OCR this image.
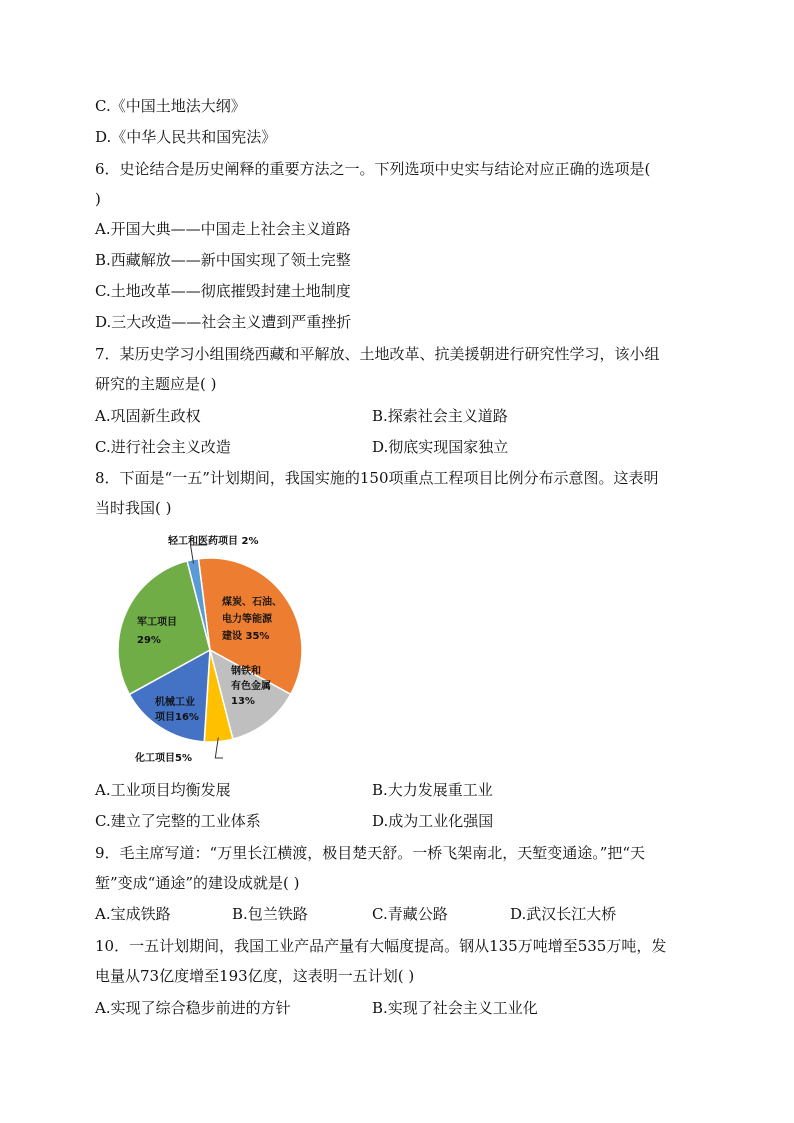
C.《中国土地法大纲》
D.《中华人民共和国宪法》
6．史论结合是历史阐释的重要方法之一。下列选项中史实与结论对应正确的选项是(
)
A.开国大典——中国走上社会主义道路
B.西藏解放——新中国实现了领土完整
C.土地改革——彻底摧毁封建土地制度
D.三大改造——社会主义遭到严重挫折
7．某历史学习小组围绕西藏和平解放、土地改革、抗美援朝进行研究性学习，该小组
研究的主题应是( )
A.巩固新生政权	B.探索社会主义道路
C.进行社会主义改造	D.彻底实现国家独立
8．下面是“一五”计划期间，我国实施的150项重点工程项目比例分布示意图。这表明
当时我国( )
煤炭、石油、
电力等能源
建设 35%
钢铁和
有色金属
13%
化工项目5%
机械工业
项目16%
军工项目
29%
轻工和医药项目 2%
A.工业项目均衡发展	B.大力发展重工业
C.建立了完整的工业体系	D.成为工业化强国
9．毛主席写道：“万里长江横渡，极目楚天舒。一桥飞架南北，天堑变通途。”把“天
堑”变成“通途”的建设成就是( )
A.宝成铁路	B.包兰铁路	C.青藏公路	D.武汉长江大桥
10．一五计划期间，我国工业产品产量有大幅度提高。钢从135万吨增至535万吨，发
电量从73亿度增至193亿度，这表明一五计划( )
A.实现了综合稳步前进的方针	B.实现了社会主义工业化
